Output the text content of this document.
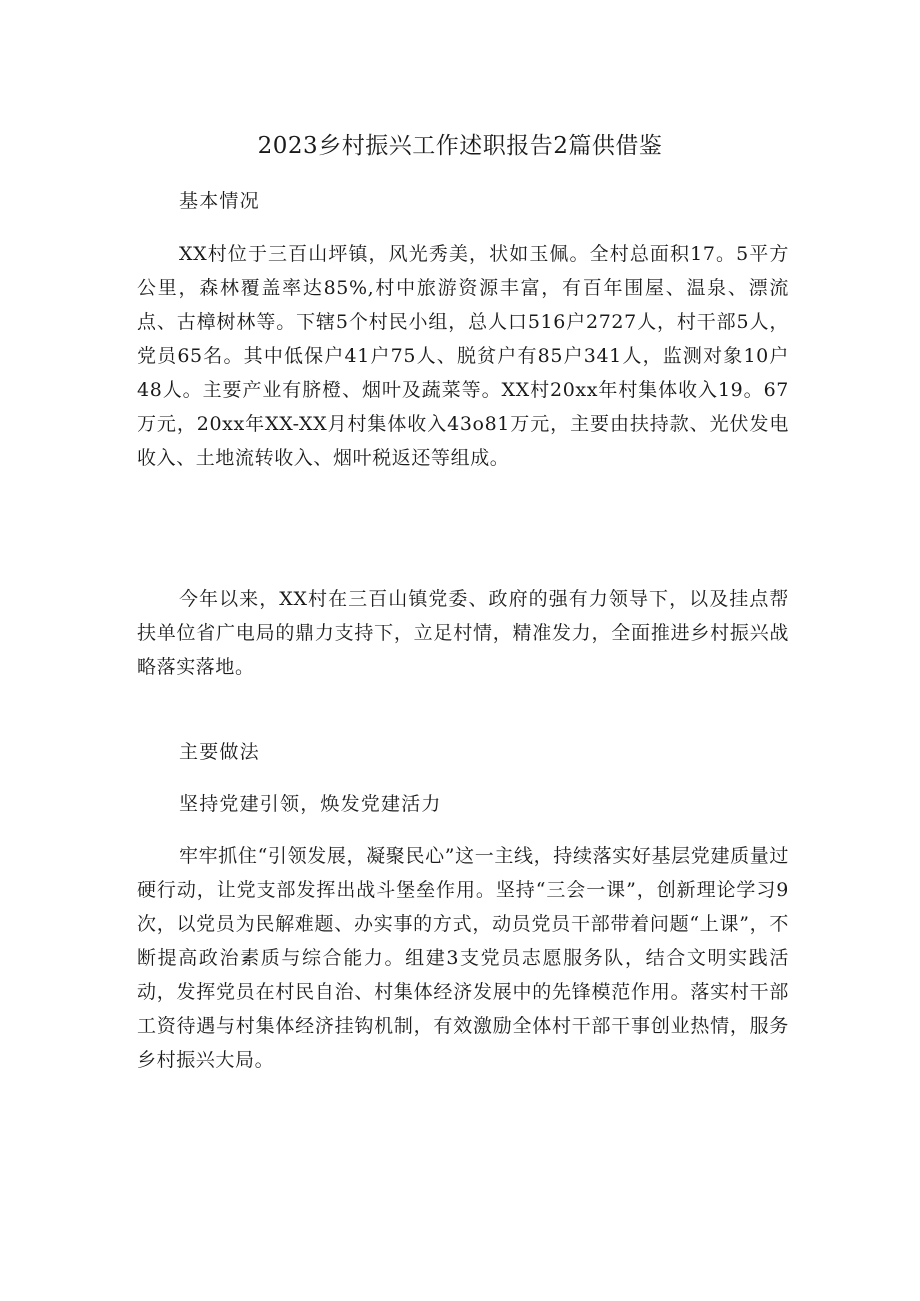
2023乡村振兴工作述职报告2篇供借鉴

基本情况

XX村位于三百山坪镇，风光秀美，状如玉佩。全村总面积17。5平方公里，森林覆盖率达85%,村中旅游资源丰富，有百年围屋、温泉、漂流点、古樟树林等。下辖5个村民小组，总人口516户2727人，村干部5人，党员65名。其中低保户41户75人、脱贫户有85户341人，监测对象10户48人。主要产业有脐橙、烟叶及蔬菜等。XX村20xx年村集体收入19。67万元，20xx年XX-XX月村集体收入43o81万元，主要由扶持款、光伏发电收入、土地流转收入、烟叶税返还等组成。

今年以来，XX村在三百山镇党委、政府的强有力领导下，以及挂点帮扶单位省广电局的鼎力支持下，立足村情，精准发力，全面推进乡村振兴战略落实落地。

主要做法

坚持党建引领，焕发党建活力

牢牢抓住“引领发展，凝聚民心”这一主线，持续落实好基层党建质量过硬行动，让党支部发挥出战斗堡垒作用。坚持“三会一课”，创新理论学习9次，以党员为民解难题、办实事的方式，动员党员干部带着问题“上课”，不断提高政治素质与综合能力。组建3支党员志愿服务队，结合文明实践活动，发挥党员在村民自治、村集体经济发展中的先锋模范作用。落实村干部工资待遇与村集体经济挂钩机制，有效激励全体村干部干事创业热情，服务乡村振兴大局。
